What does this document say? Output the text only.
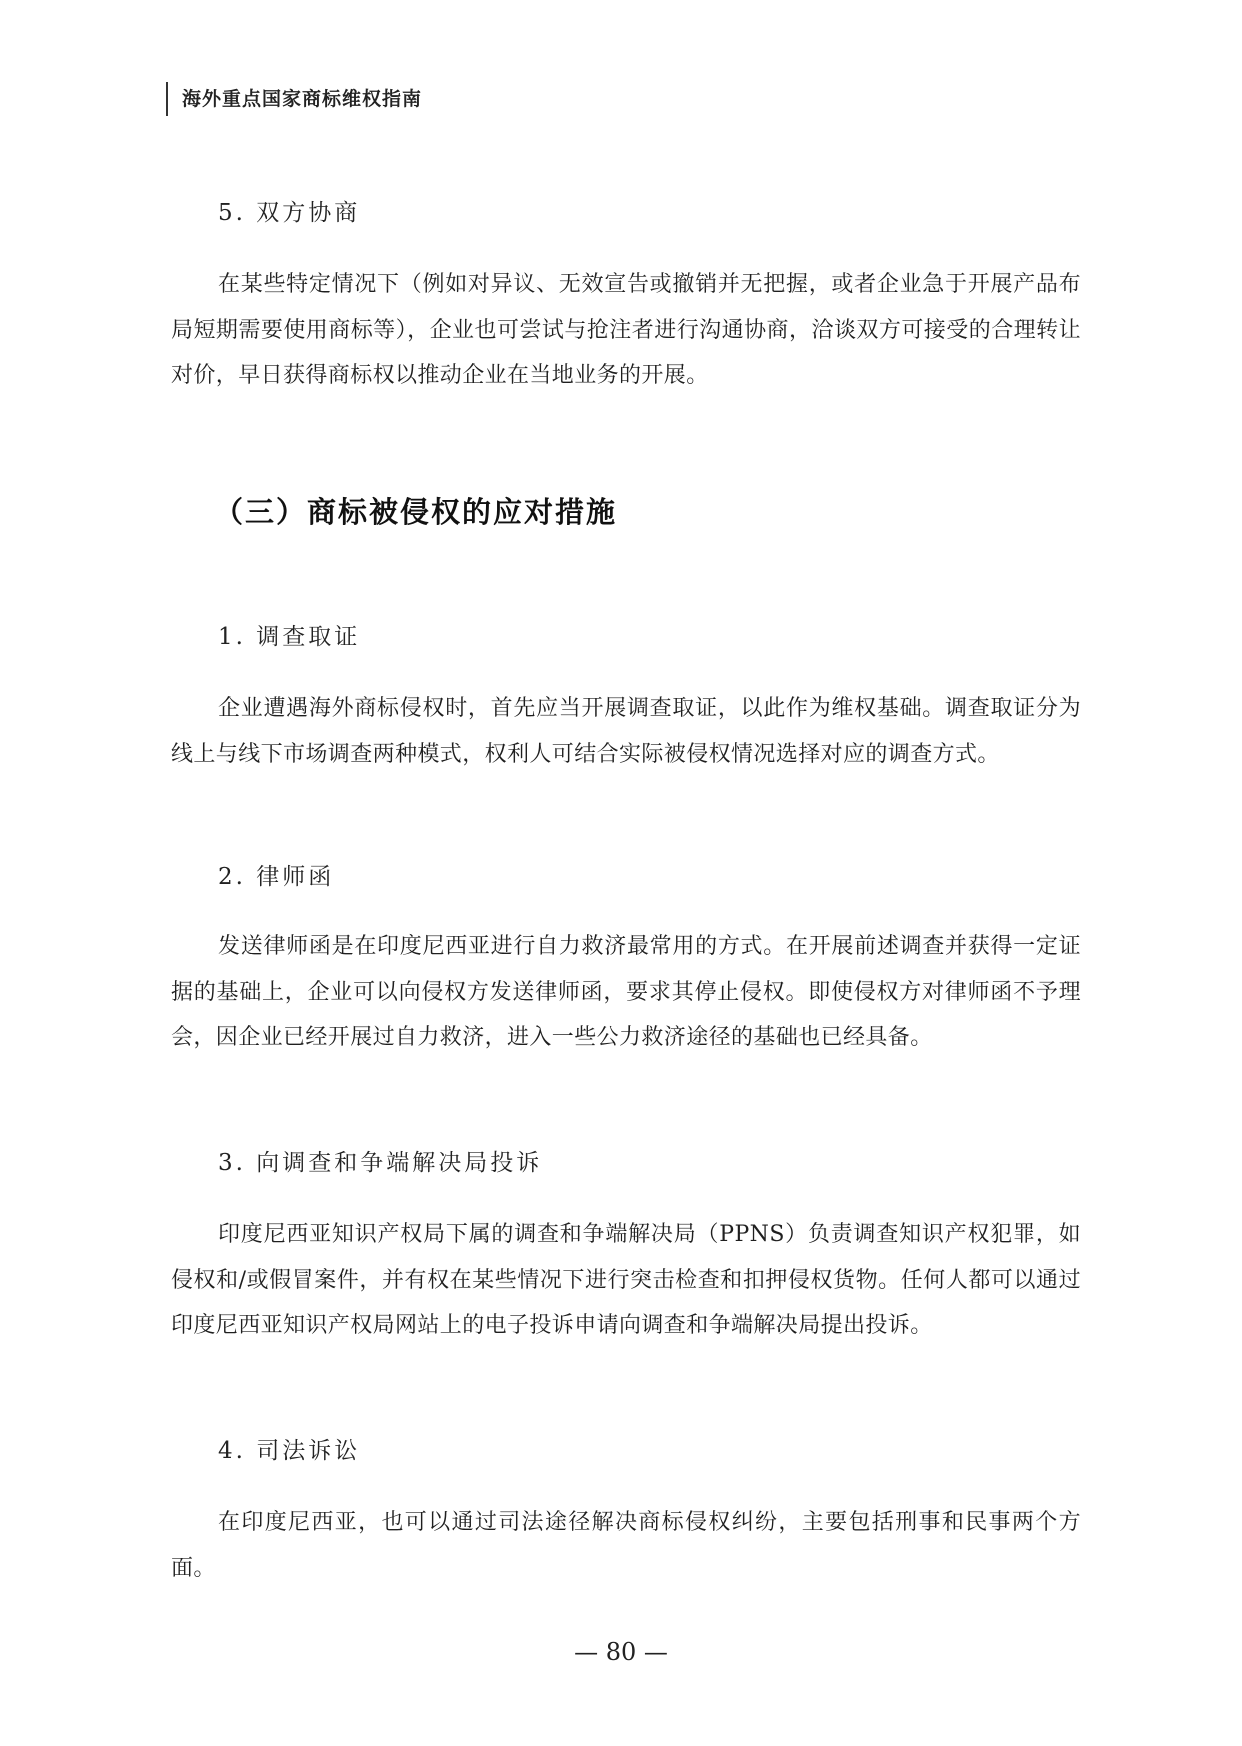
海外重点国家商标维权指南
5. 双方协商

在某些特定情况下（例如对异议、无效宣告或撤销并无把握，或者企业急于开展产品布局短期需要使用商标等），企业也可尝试与抢注者进行沟通协商，洽谈双方可接受的合理转让对价，早日获得商标权以推动企业在当地业务的开展。

（三）商标被侵权的应对措施
1. 调查取证

企业遭遇海外商标侵权时，首先应当开展调查取证，以此作为维权基础。调查取证分为线上与线下市场调查两种模式，权利人可结合实际被侵权情况选择对应的调查方式。

2. 律师函

发送律师函是在印度尼西亚进行自力救济最常用的方式。在开展前述调查并获得一定证据的基础上，企业可以向侵权方发送律师函，要求其停止侵权。即使侵权方对律师函不予理会，因企业已经开展过自力救济，进入一些公力救济途径的基础也已经具备。

3. 向调查和争端解决局投诉

印度尼西亚知识产权局下属的调查和争端解决局（PPNS）负责调查知识产权犯罪，如侵权和/或假冒案件，并有权在某些情况下进行突击检查和扣押侵权货物。任何人都可以通过印度尼西亚知识产权局网站上的电子投诉申请向调查和争端解决局提出投诉。

4. 司法诉讼

在印度尼西亚，也可以通过司法途径解决商标侵权纠纷，主要包括刑事和民事两个方面。

— 80 —
